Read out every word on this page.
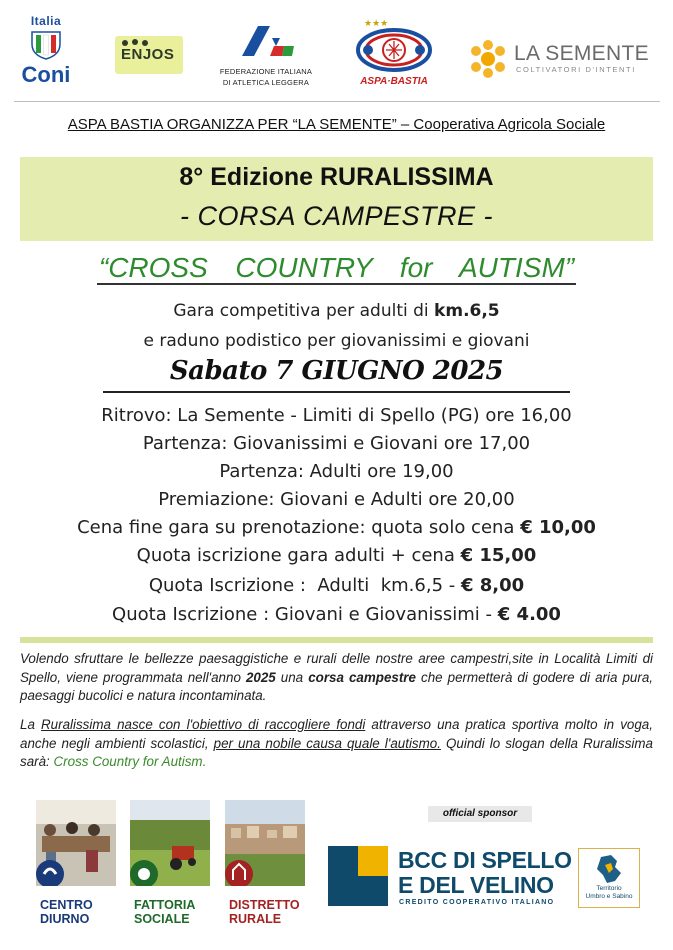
Italia
Coni
ENJOS
FEDERAZIONE ITALIANA
DI ATLETICA LEGGERA
★★★
ASPA·BASTIA
LA SEMENTE
COLTIVATORI D'INTENTI
ASPA BASTIA ORGANIZZA PER “LA SEMENTE” – Cooperativa Agricola Sociale
8° Edizione RURALISSIMA
- CORSA CAMPESTRE -
“CROSS  COUNTRY  for  AUTISM”
Gara competitiva per adulti di km.6,5
e raduno podistico per giovanissimi e giovani
Sabato 7 GIUGNO 2025
Ritrovo: La Semente - Limiti di Spello (PG) ore 16,00
Partenza: Giovanissimi e Giovani ore 17,00
Partenza: Adulti ore 19,00
Premiazione: Giovani e Adulti ore 20,00
Cena fine gara su prenotazione: quota solo cena € 10,00
Quota iscrizione gara adulti + cena € 15,00
Quota Iscrizione :  Adulti  km.6,5 - € 8,00
Quota Iscrizione : Giovani e Giovanissimi - € 4.00
Volendo sfruttare le bellezze paesaggistiche e rurali delle nostre aree campestri,site in Località Limiti di Spello, viene programmata nell'anno 2025 una corsa campestre che permetterà di godere di aria pura, paesaggi bucolici e natura incontaminata.
La Ruralissima nasce con l'obiettivo di raccogliere fondi attraverso una pratica sportiva molto in voga, anche negli ambienti scolastici, per una nobile causa quale l'autismo. Quindi lo slogan della Ruralissima sarà: Cross Country for Autism.
CENTRO
DIURNO
FATTORIA
SOCIALE
DISTRETTO
RURALE
official sponsor
BCC DI SPELLO
E DEL VELINO
CREDITO COOPERATIVO ITALIANO
Territorio
Umbro e Sabino
